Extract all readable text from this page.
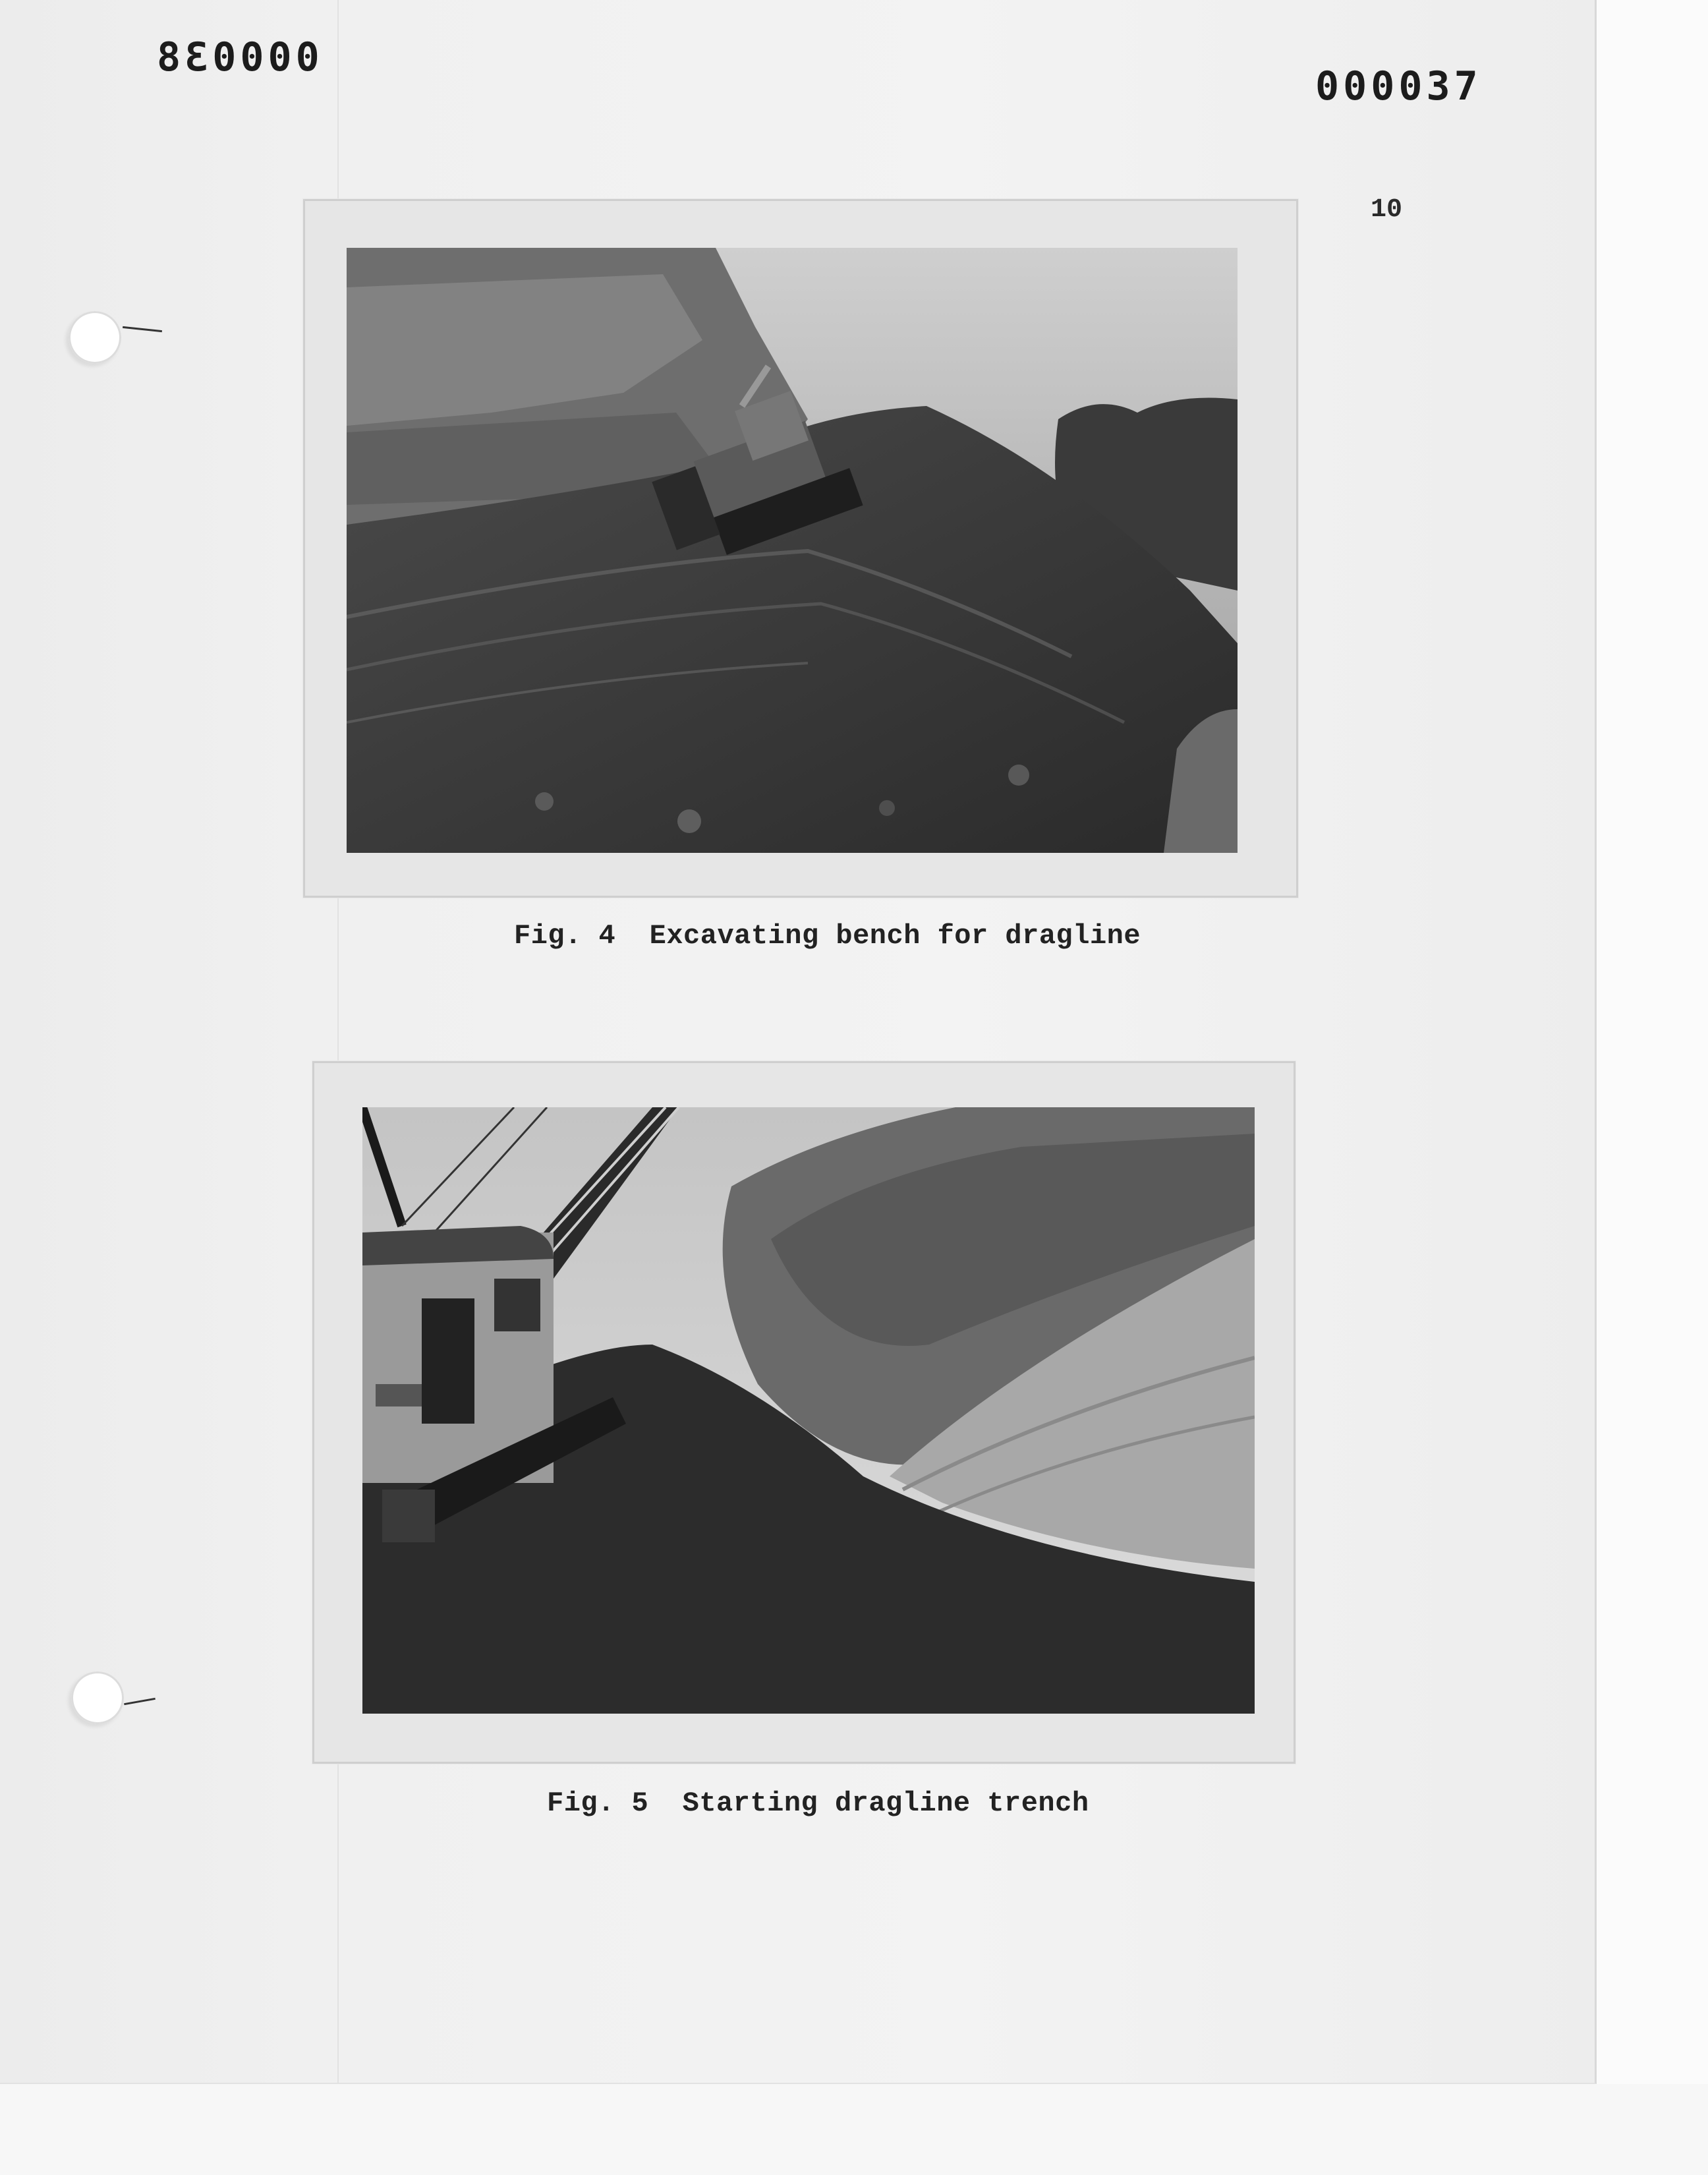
000038
000037
10
Fig. 4  Excavating bench for dragline
Fig. 5  Starting dragline trench
